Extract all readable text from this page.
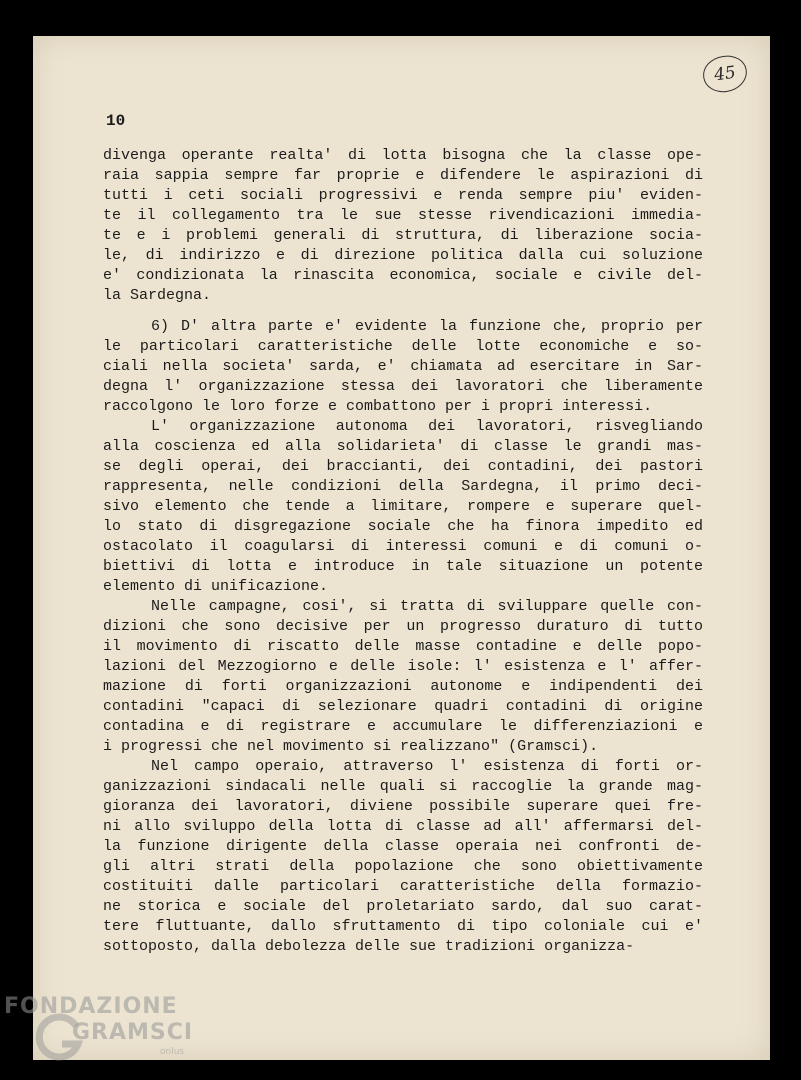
10
45
divenga operante realta' di lotta bisogna che la classe ope-
raia sappia sempre far proprie e difendere le aspirazioni di
tutti i ceti sociali progressivi e renda sempre piu' eviden-
te il collegamento tra le sue stesse rivendicazioni immedia-
te e i problemi generali di struttura, di liberazione socia-
le, di indirizzo e di direzione politica dalla cui soluzione
e' condizionata la rinascita economica, sociale e civile del-
la Sardegna.
6) D' altra parte e' evidente la funzione che, proprio per
le particolari caratteristiche delle lotte economiche e so-
ciali nella societa' sarda, e' chiamata ad esercitare in Sar-
degna l' organizzazione stessa dei lavoratori che liberamente
raccolgono le loro forze e combattono per i propri interessi.
L' organizzazione autonoma dei lavoratori, risvegliando
alla coscienza ed alla solidarieta' di classe le grandi mas-
se degli operai, dei braccianti, dei contadini, dei pastori
rappresenta, nelle condizioni della Sardegna, il primo deci-
sivo elemento che tende a limitare, rompere e superare quel-
lo stato di disgregazione sociale che ha finora impedito ed
ostacolato il coagularsi di interessi comuni e di comuni o-
biettivi di lotta e introduce in tale situazione un potente
elemento di unificazione.
Nelle campagne, cosi', si tratta di sviluppare quelle con-
dizioni che sono decisive per un progresso duraturo di tutto
il movimento di riscatto delle masse contadine e delle popo-
lazioni del Mezzogiorno e delle isole: l' esistenza e l' affer-
mazione di forti organizzazioni autonome e indipendenti dei
contadini "capaci di selezionare quadri contadini di origine
contadina e di registrare e accumulare le differenziazioni e
i progressi che nel movimento si realizzano" (Gramsci).
Nel campo operaio, attraverso l' esistenza di forti or-
ganizzazioni sindacali nelle quali si raccoglie la grande mag-
gioranza dei lavoratori, diviene possibile superare quei fre-
ni allo sviluppo della lotta di classe ad all' affermarsi del-
la funzione dirigente della classe operaia nei confronti de-
gli altri strati della popolazione che sono obiettivamente
costituiti dalle particolari caratteristiche della formazio-
ne storica e sociale del proletariato sardo, dal suo carat-
tere fluttuante, dallo sfruttamento di tipo coloniale cui e'
sottoposto, dalla debolezza delle sue tradizioni organizza-
FONDAZIONE
GRAMSCI
onlus
